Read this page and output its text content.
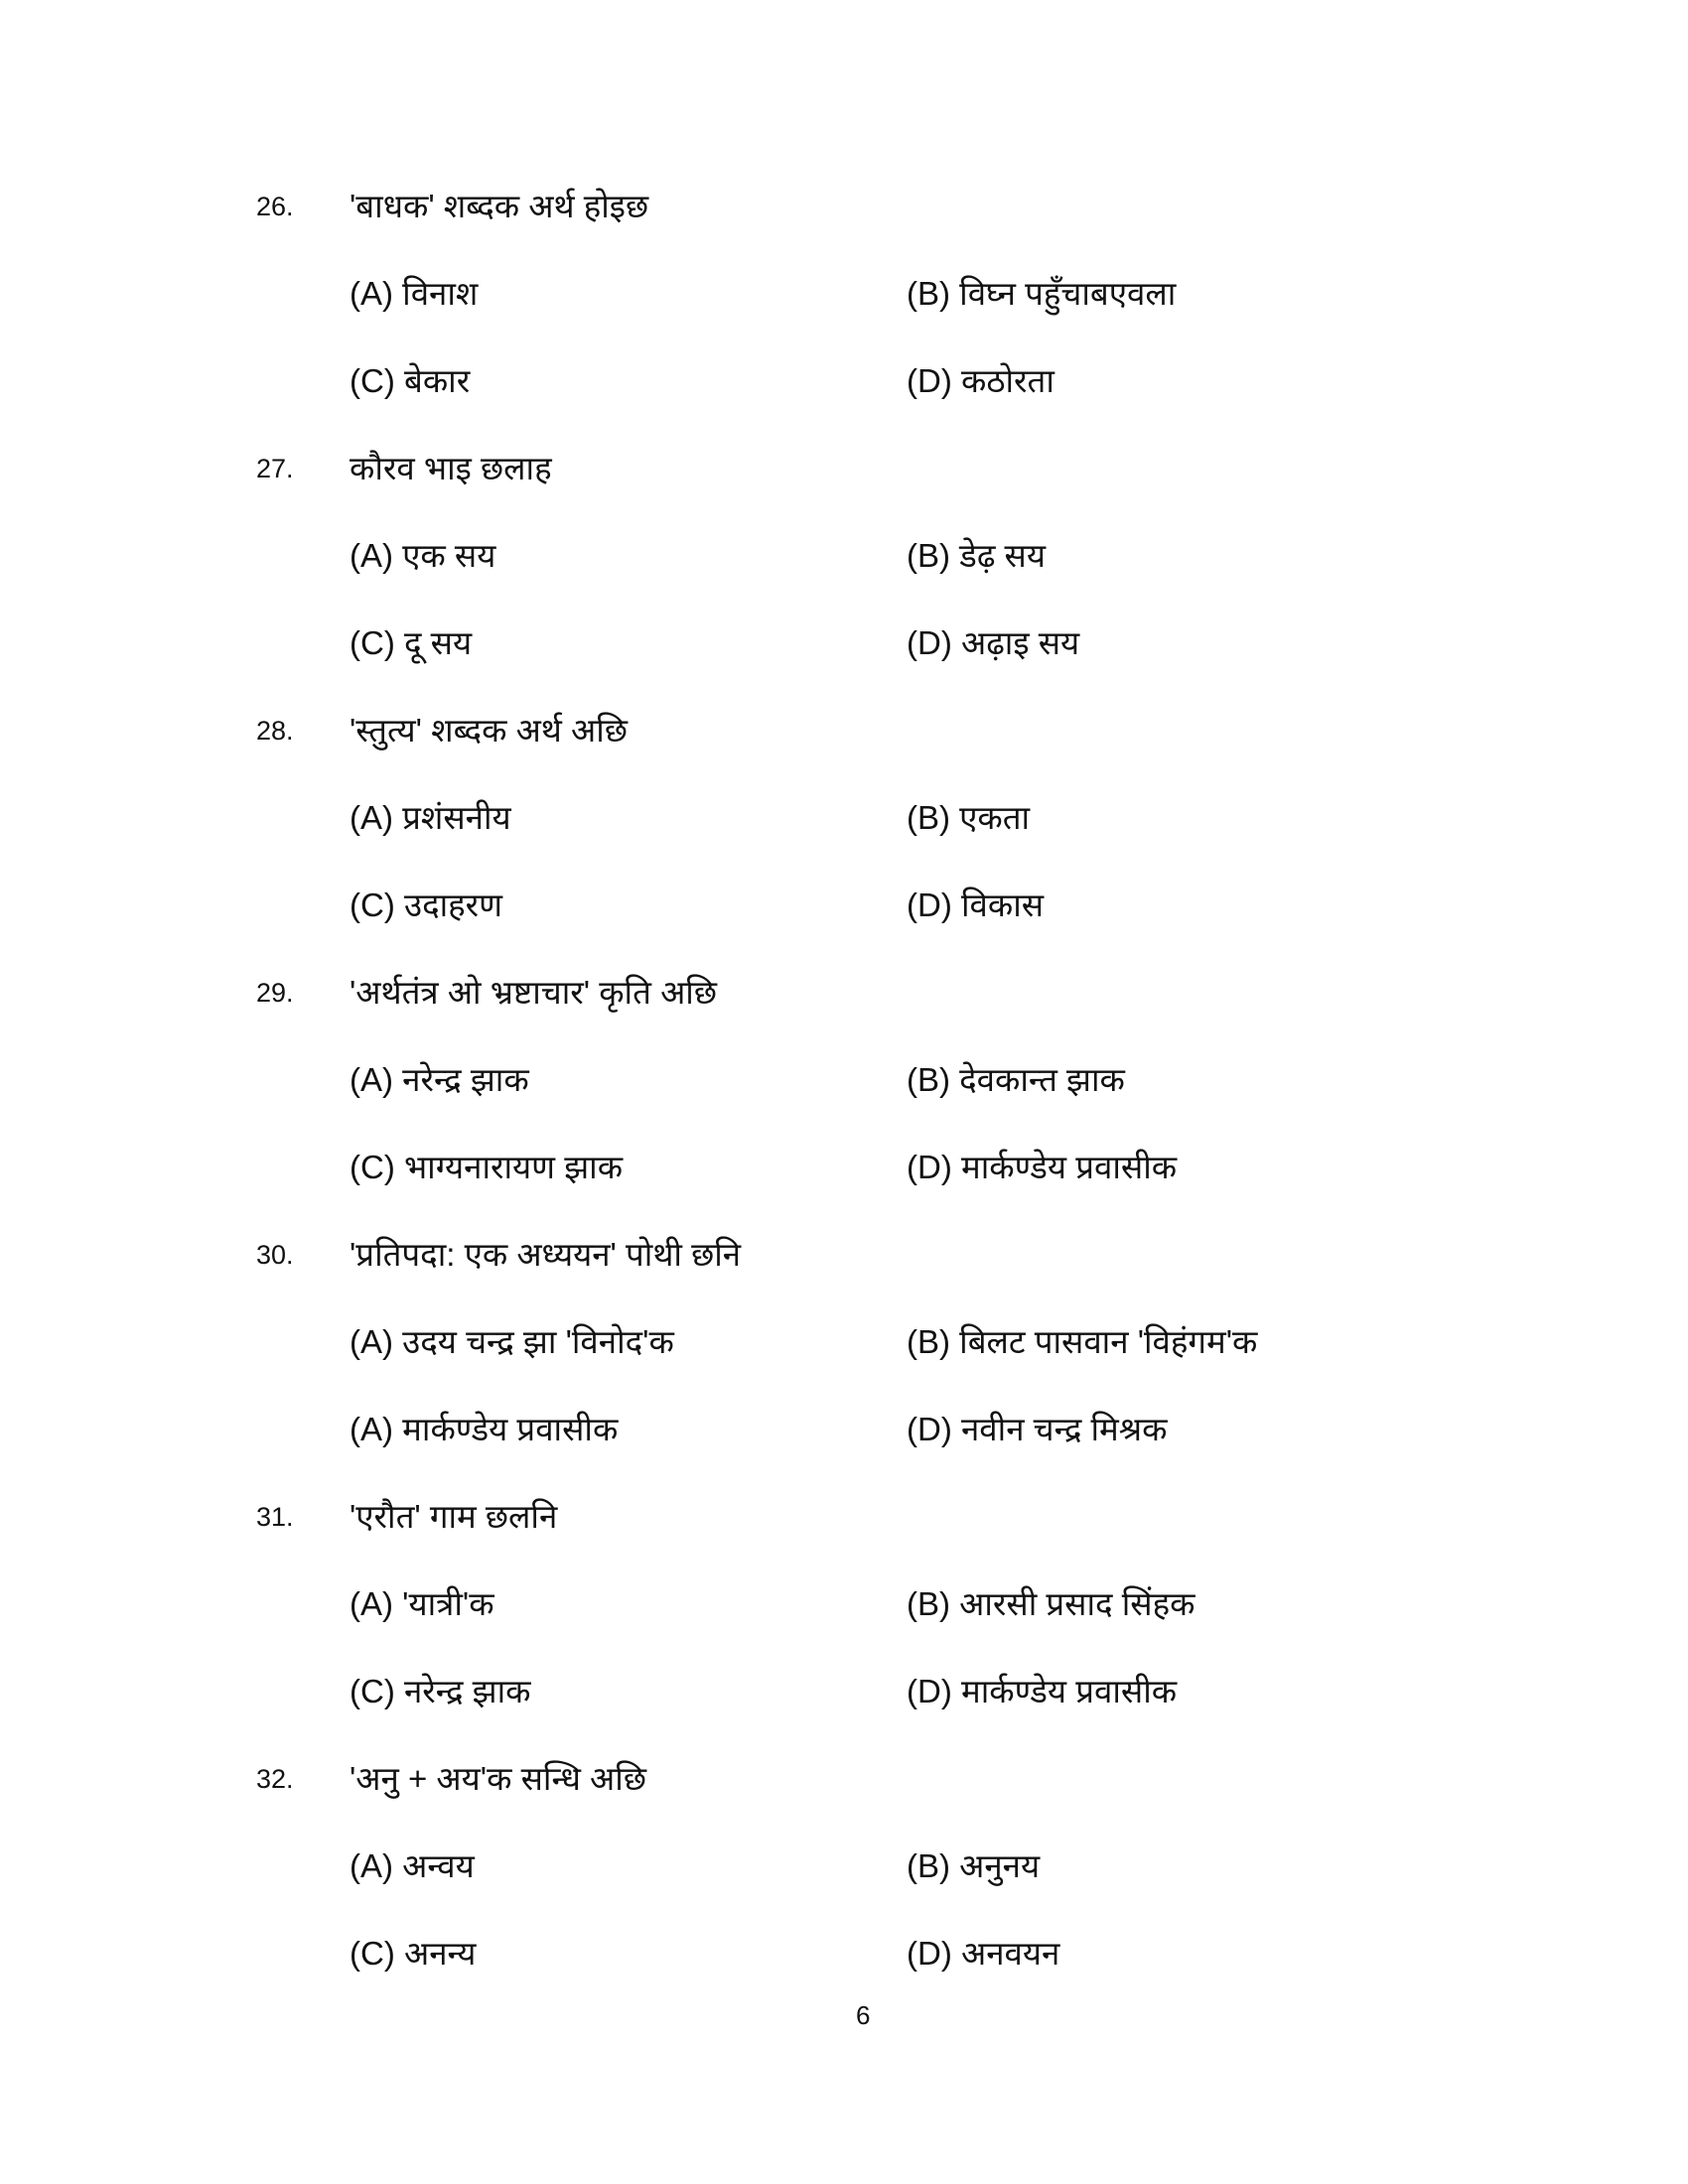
26. 'बाधक' शब्दक अर्थ होइछ
(A) विनाश	(B) विघ्न पहुँचाबएवला
(C) बेकार	(D) कठोरता
27. कौरव भाइ छलाह
(A) एक सय	(B) डेढ़ सय
(C) दू सय	(D) अढ़ाइ सय
28. 'स्तुत्य' शब्दक अर्थ अछि
(A) प्रशंसनीय	(B) एकता
(C) उदाहरण	(D) विकास
29. 'अर्थतंत्र ओ भ्रष्टाचार' कृति अछि
(A) नरेन्द्र झाक	(B) देवकान्त झाक
(C) भाग्यनारायण झाक	(D) मार्कण्डेय प्रवासीक
30. 'प्रतिपदा: एक अध्ययन' पोथी छनि
(A) उदय चन्द्र झा 'विनोद'क	(B) बिलट पासवान 'विहंगम'क
(A) मार्कण्डेय प्रवासीक	(D) नवीन चन्द्र मिश्रक
31. 'एरौत' गाम छलनि
(A) 'यात्री'क	(B) आरसी प्रसाद सिंहक
(C) नरेन्द्र झाक	(D) मार्कण्डेय प्रवासीक
32. 'अनु + अय'क सन्धि अछि
(A) अन्वय	(B) अनुनय
(C) अनन्य	(D) अनवयन
6
